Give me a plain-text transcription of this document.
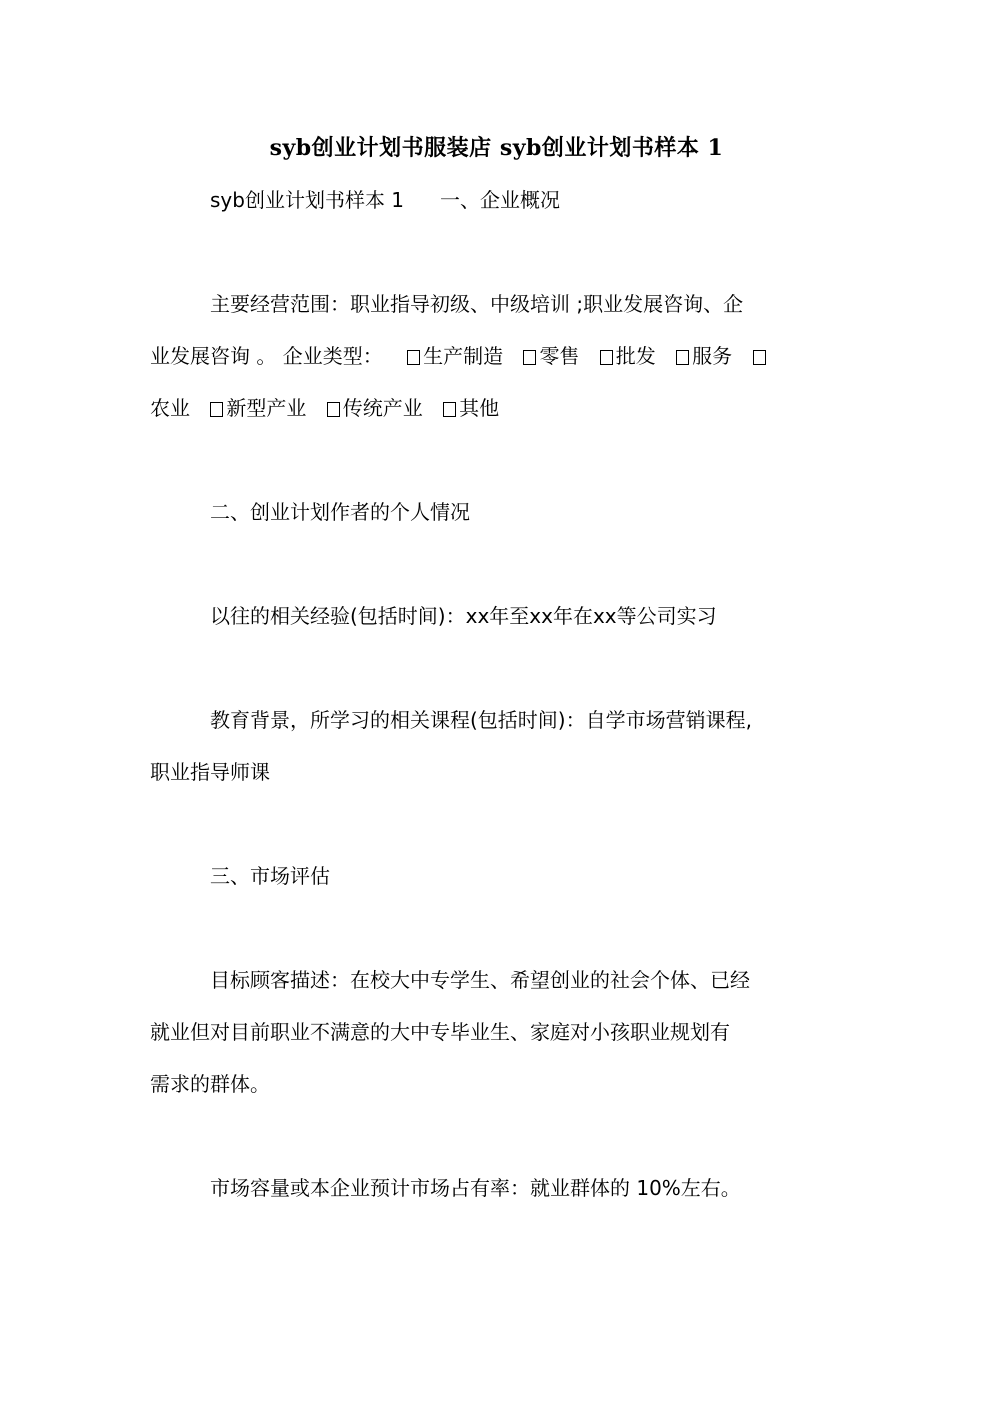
syb创业计划书服装店 syb创业计划书样本 1
syb创业计划书样本 1 一、企业概况
主要经营范围：职业指导初级、中级培训 ;职业发展咨询、企
业发展咨询 。 企业类型： 生产制造 零售 批发 服务
农业 新型产业 传统产业 其他
二、创业计划作者的个人情况
以往的相关经验(包括时间)：xx年至xx年在xx等公司实习
教育背景，所学习的相关课程(包括时间)：自学市场营销课程,
职业指导师课
三、市场评估
目标顾客描述：在校大中专学生、希望创业的社会个体、已经
就业但对目前职业不满意的大中专毕业生、家庭对小孩职业规划有
需求的群体。
市场容量或本企业预计市场占有率：就业群体的 10%左右。
